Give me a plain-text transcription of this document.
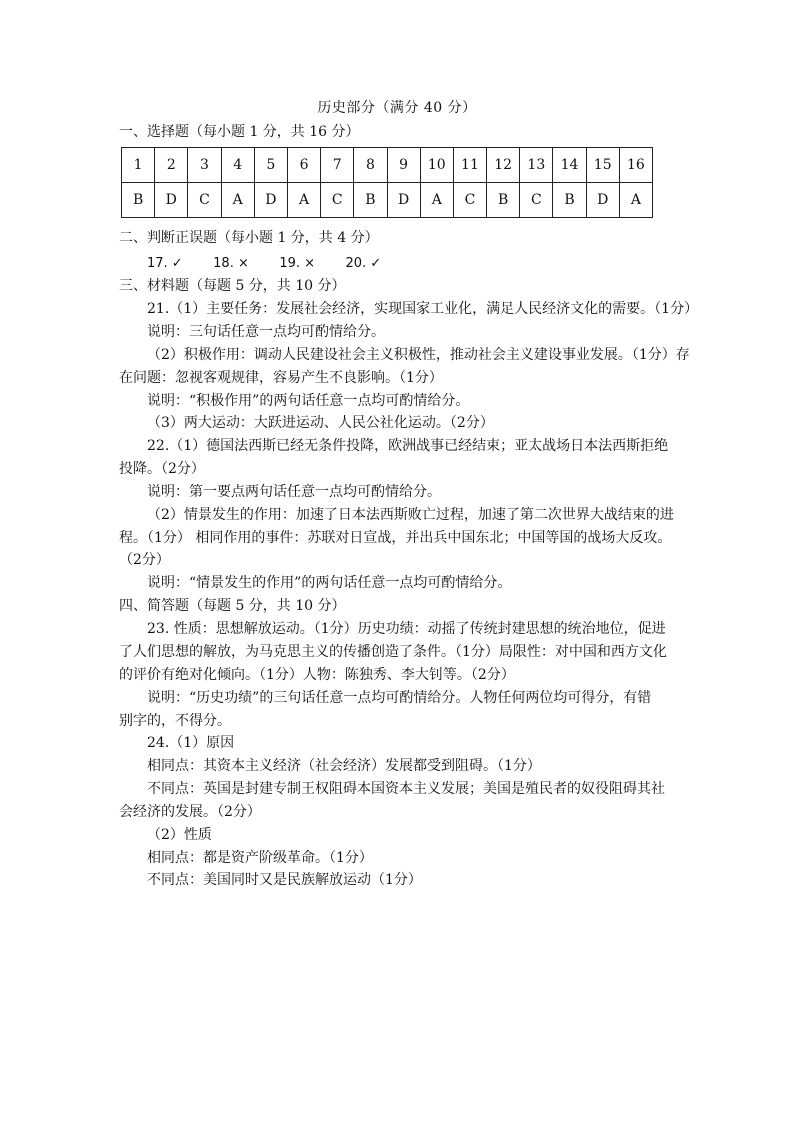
历史部分（满分 40 分）
一、选择题（每小题 1 分，共 16 分）
1	2	3	4	5	6	7	8	9	10	11	12	13	14	15	16
B	D	C	A	D	A	C	B	D	A	C	B	C	B	D	A
二、判断正误题（每小题 1 分，共 4 分）
17. ✓ 18. × 19. × 20. ✓
三、材料题（每题 5 分，共 10 分）
21.（1）主要任务：发展社会经济，实现国家工业化，满足人民经济文化的需要。（1分）
说明：三句话任意一点均可酌情给分。
（2）积极作用：调动人民建设社会主义积极性，推动社会主义建设事业发展。（1分）存
在问题：忽视客观规律，容易产生不良影响。（1分）
说明：“积极作用”的两句话任意一点均可酌情给分。
（3）两大运动：大跃进运动、人民公社化运动。（2分）
22.（1）德国法西斯已经无条件投降，欧洲战事已经结束；亚太战场日本法西斯拒绝
投降。（2分）
说明：第一要点两句话任意一点均可酌情给分。
（2）情景发生的作用：加速了日本法西斯败亡过程，加速了第二次世界大战结束的进
程。（1分） 相同作用的事件：苏联对日宣战，并出兵中国东北；中国等国的战场大反攻。
（2分）
说明：“情景发生的作用”的两句话任意一点均可酌情给分。
四、简答题（每题 5 分，共 10 分）
23. 性质：思想解放运动。（1分）历史功绩：动摇了传统封建思想的统治地位，促进
了人们思想的解放，为马克思主义的传播创造了条件。（1分）局限性：对中国和西方文化
的评价有绝对化倾向。（1分）人物：陈独秀、李大钊等。（2分）
说明：“历史功绩”的三句话任意一点均可酌情给分。人物任何两位均可得分，有错
别字的，不得分。
24.（1）原因
相同点：其资本主义经济（社会经济）发展都受到阻碍。（1分）
不同点：英国是封建专制王权阻碍本国资本主义发展；美国是殖民者的奴役阻碍其社
会经济的发展。（2分）
（2）性质
相同点：都是资产阶级革命。（1分）
不同点：美国同时又是民族解放运动（1分）
